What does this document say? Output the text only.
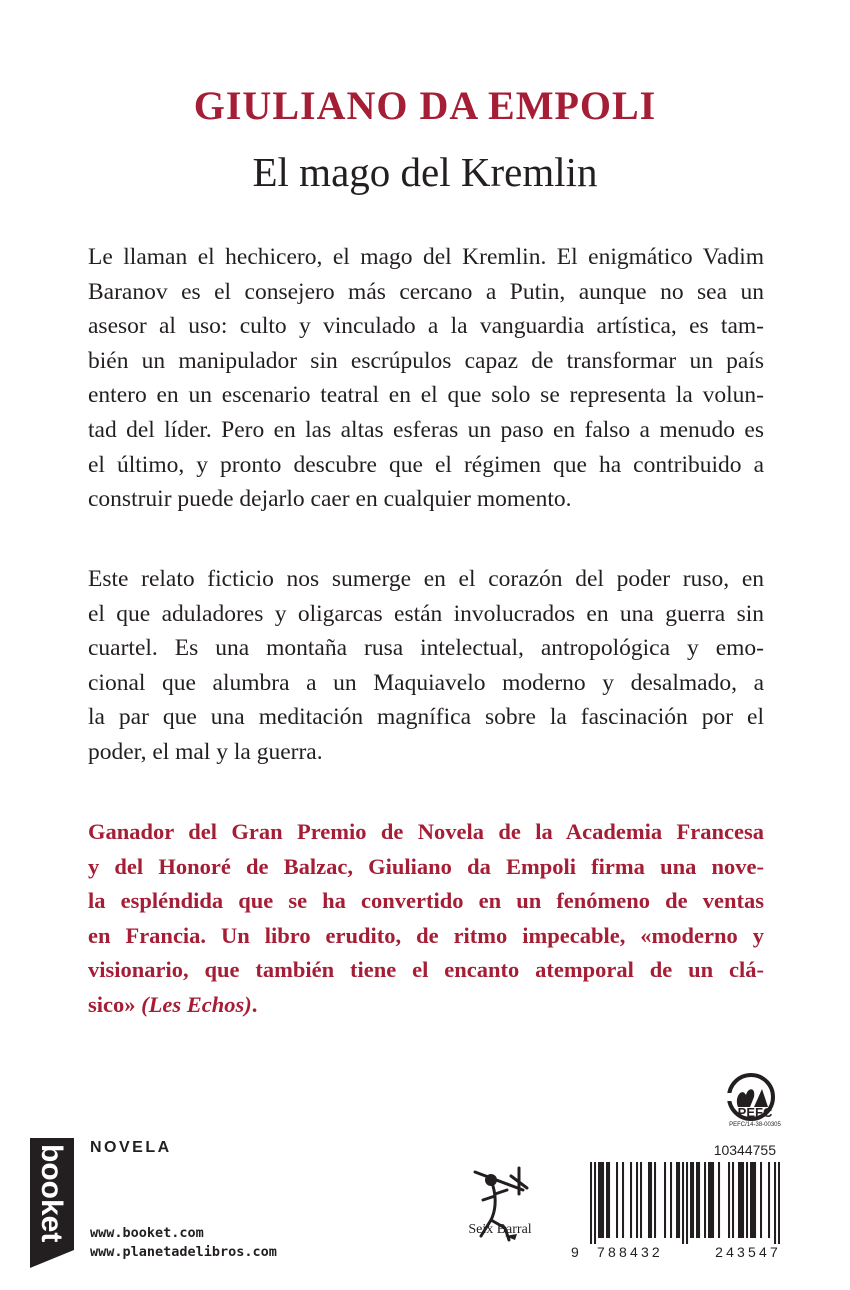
GIULIANO DA EMPOLI
El mago del Kremlin
Le llaman el hechicero, el mago del Kremlin. El enigmático Vadim
Baranov es el consejero más cercano a Putin, aunque no sea un
asesor al uso: culto y vinculado a la vanguardia artística, es tam-
bién un manipulador sin escrúpulos capaz de transformar un país
entero en un escenario teatral en el que solo se representa la volun-
tad del líder. Pero en las altas esferas un paso en falso a menudo es
el último, y pronto descubre que el régimen que ha contribuido a
construir puede dejarlo caer en cualquier momento.
Este relato ficticio nos sumerge en el corazón del poder ruso, en
el que aduladores y oligarcas están involucrados en una guerra sin
cuartel. Es una montaña rusa intelectual, antropológica y emo-
cional que alumbra a un Maquiavelo moderno y desalmado, a
la par que una meditación magnífica sobre la fascinación por el
poder, el mal y la guerra.
Ganador del Gran Premio de Novela de la Academia Francesa
y del Honoré de Balzac, Giuliano da Empoli firma una nove-
la espléndida que se ha convertido en un fenómeno de ventas
en Francia. Un libro erudito, de ritmo impecable, «moderno y
visionario, que también tiene el encanto atemporal de un clá-
sico» (Les Echos).
booket NOVELA
www.booket.com
www.planetadelibros.com
Seix Barral
PEFC
PEFC/14-38-00305
10344755
9 788432	243547
